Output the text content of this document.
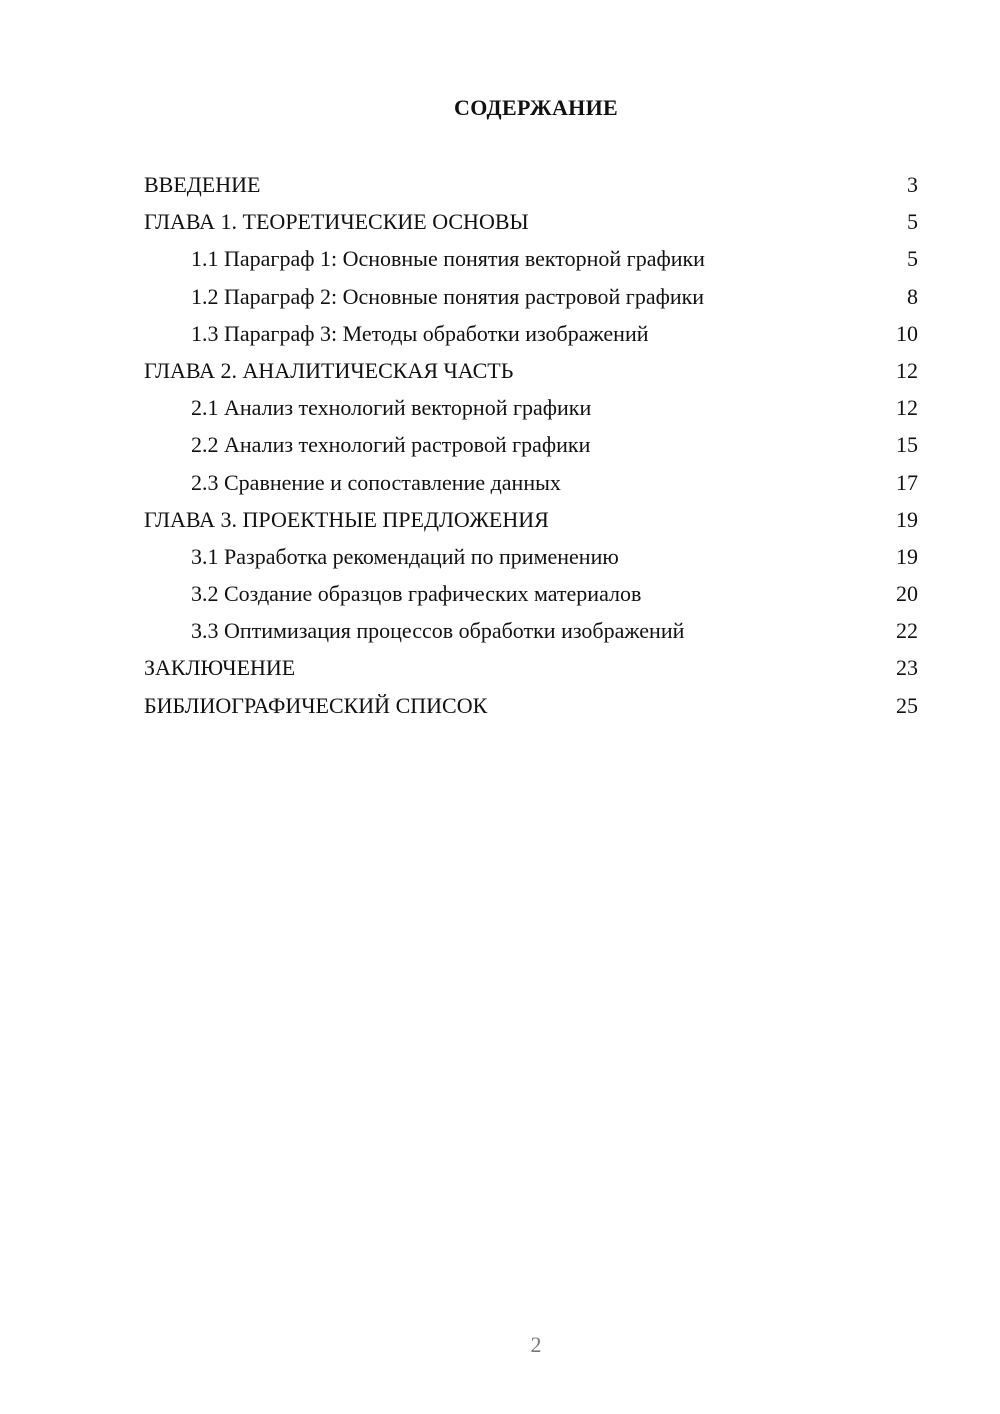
СОДЕРЖАНИЕ
ВВЕДЕНИЕ	3
ГЛАВА 1. ТЕОРЕТИЧЕСКИЕ ОСНОВЫ	5
1.1 Параграф 1: Основные понятия векторной графики	5
1.2 Параграф 2: Основные понятия растровой графики	8
1.3 Параграф 3: Методы обработки изображений	10
ГЛАВА 2. АНАЛИТИЧЕСКАЯ ЧАСТЬ	12
2.1 Анализ технологий векторной графики	12
2.2 Анализ технологий растровой графики	15
2.3 Сравнение и сопоставление данных	17
ГЛАВА 3. ПРОЕКТНЫЕ ПРЕДЛОЖЕНИЯ	19
3.1 Разработка рекомендаций по применению	19
3.2 Создание образцов графических материалов	20
3.3 Оптимизация процессов обработки изображений	22
ЗАКЛЮЧЕНИЕ	23
БИБЛИОГРАФИЧЕСКИЙ СПИСОК	25
2
